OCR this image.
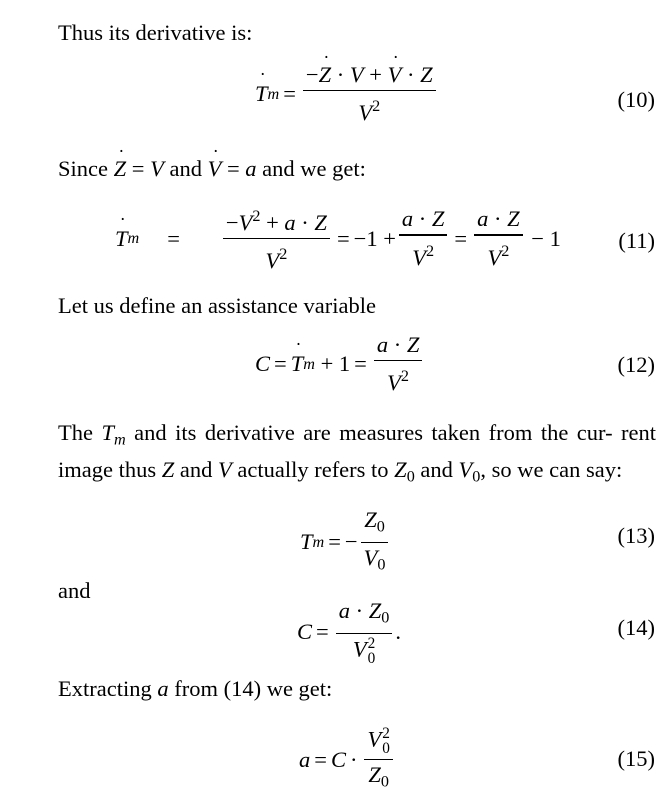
Thus its derivative is:
˙ T $m = \frac{-˙ Z \cdot V + ˙ V \cdot Z}{V^2}$	(10)
Since ˙ Z = V and ˙ V = a and we get:
˙ T m	=	$\frac{-V^2 + a \cdot Z}{V^2} = -1 + \frac{a \cdot Z}{V^2} = \frac{a \cdot Z}{V^2} - 1$	(11)
Let us define an assistance variable
C = ˙ T $m + 1 = \frac{a \cdot Z}{V^2}$	(12)
The $T_m$ and its derivative are measures taken from the cur- rent image thus Z and V actually refers to $Z_0$ and $V_0$, so we can say:
T m = − $\frac{Z_0}{V_0}$	(13)
and
$C = a \cdot Z_0$
V 2
0 .	(14)
Extracting a from (14) we get:
a = C · V 2
0
$Z_0$	(15)
